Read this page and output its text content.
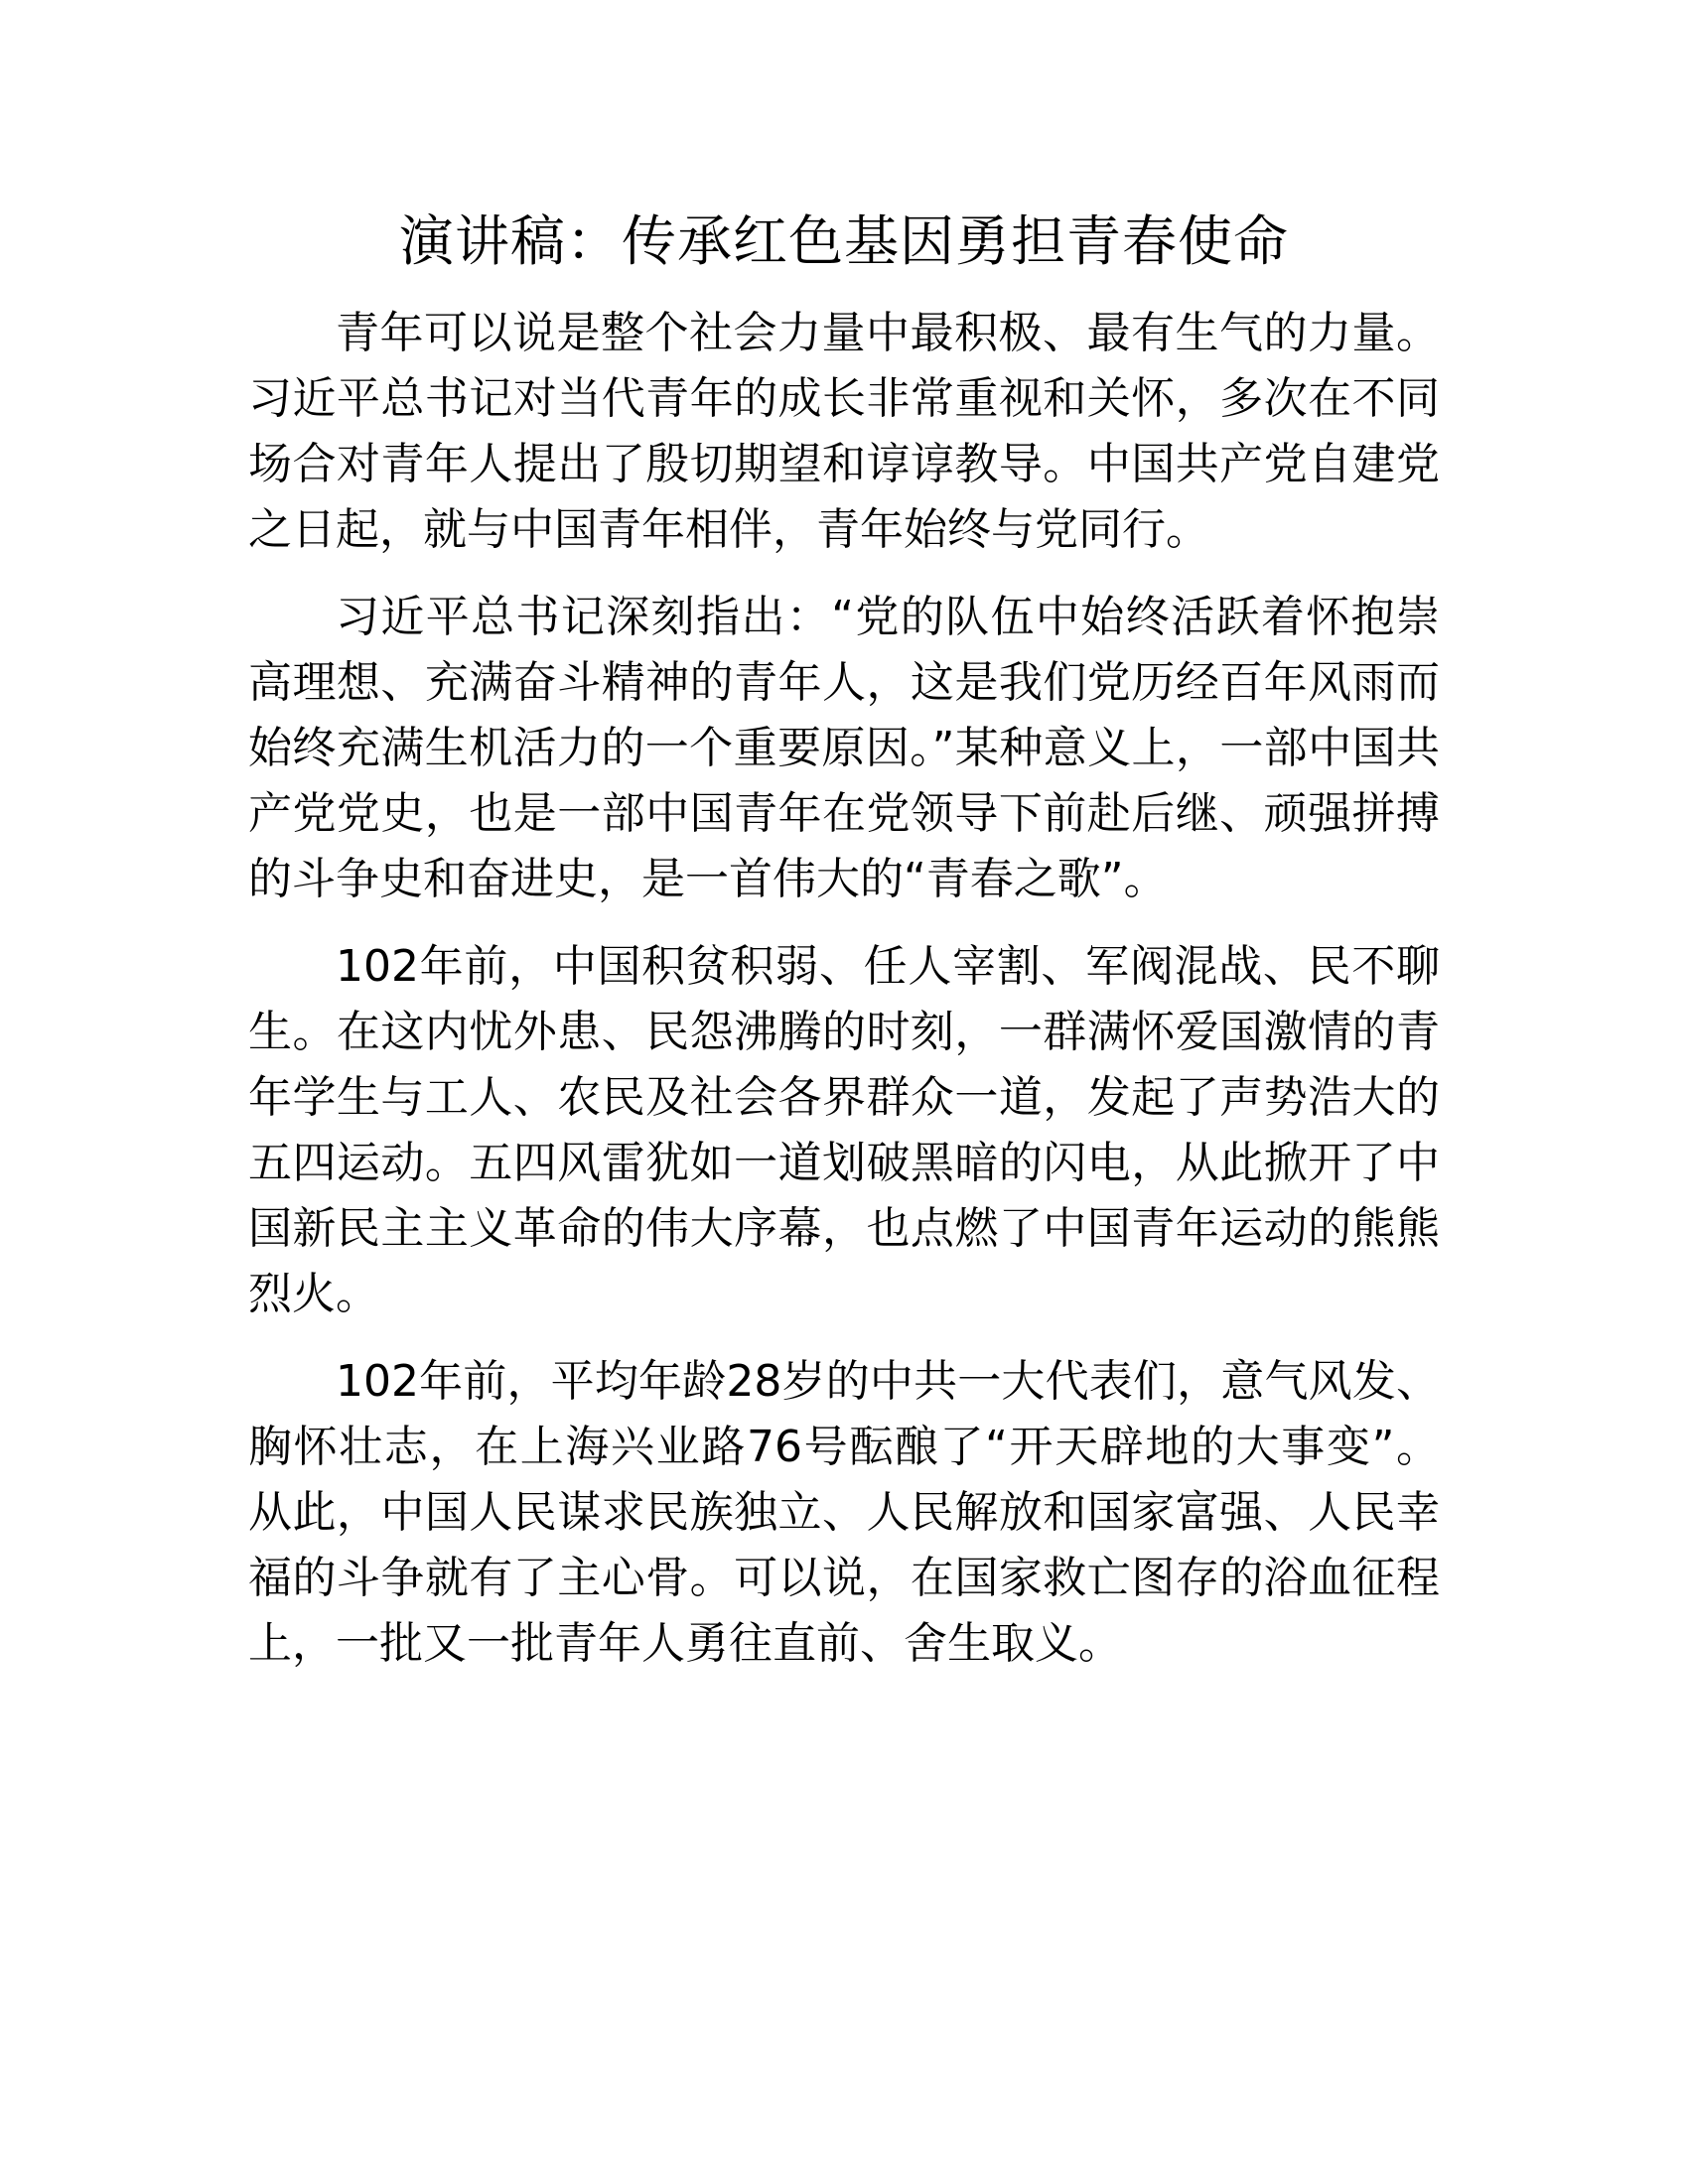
演讲稿：传承红色基因勇担青春使命

青年可以说是整个社会力量中最积极、最有生气的力量。习近平总书记对当代青年的成长非常重视和关怀，多次在不同场合对青年人提出了殷切期望和谆谆教导。中国共产党自建党之日起，就与中国青年相伴，青年始终与党同行。

习近平总书记深刻指出：“党的队伍中始终活跃着怀抱崇高理想、充满奋斗精神的青年人，这是我们党历经百年风雨而始终充满生机活力的一个重要原因。”某种意义上，一部中国共产党党史，也是一部中国青年在党领导下前赴后继、顽强拼搏的斗争史和奋进史，是一首伟大的“青春之歌”。

102年前，中国积贫积弱、任人宰割、军阀混战、民不聊生。在这内忧外患、民怨沸腾的时刻，一群满怀爱国激情的青年学生与工人、农民及社会各界群众一道，发起了声势浩大的五四运动。五四风雷犹如一道划破黑暗的闪电，从此掀开了中国新民主主义革命的伟大序幕，也点燃了中国青年运动的熊熊烈火。

102年前，平均年龄28岁的中共一大代表们，意气风发、胸怀壮志，在上海兴业路76号酝酿了“开天辟地的大事变”。从此，中国人民谋求民族独立、人民解放和国家富强、人民幸福的斗争就有了主心骨。可以说，在国家救亡图存的浴血征程上，一批又一批青年人勇往直前、舍生取义。
